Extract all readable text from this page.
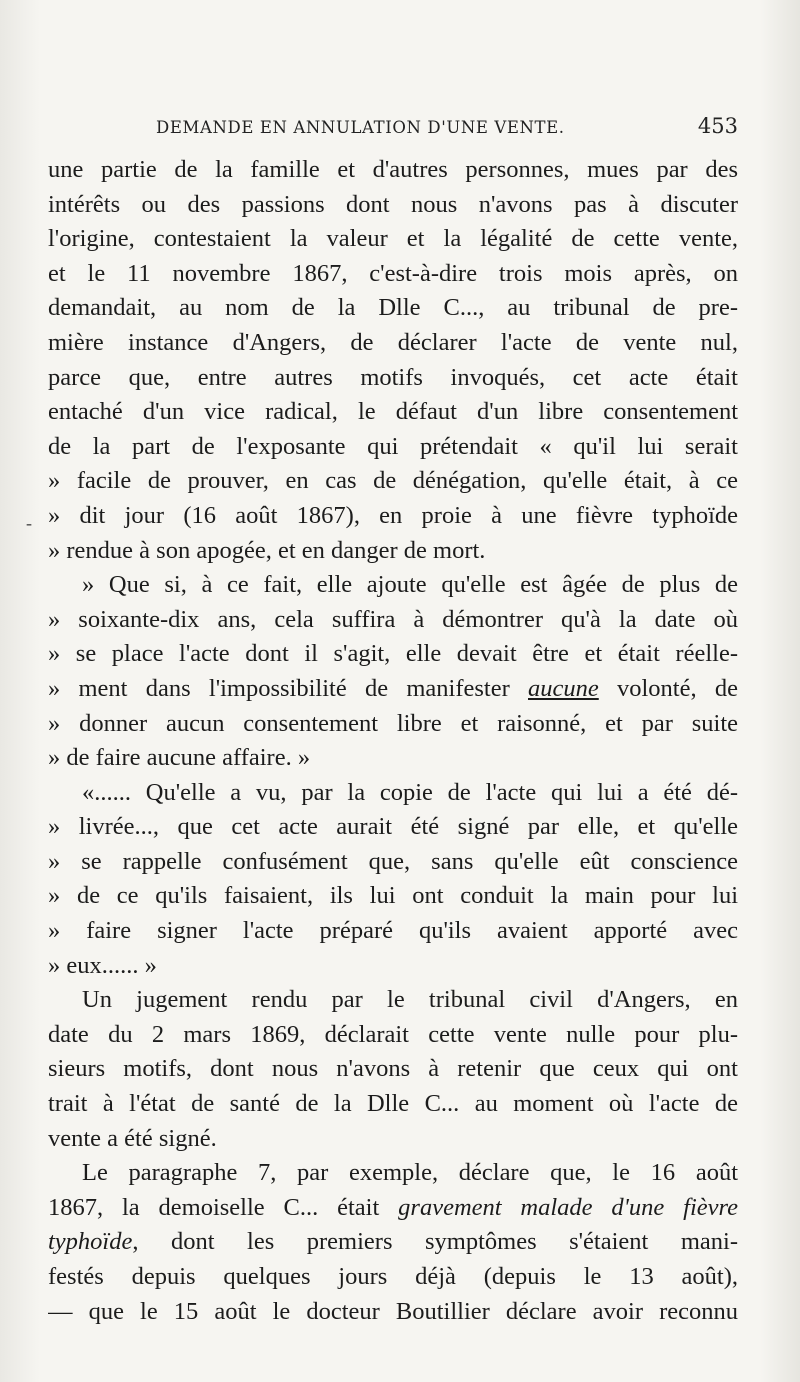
DEMANDE EN ANNULATION D'UNE VENTE.	453
-
une partie de la famille et d'autres personnes, mues par des
intérêts ou des passions dont nous n'avons pas à discuter
l'origine, contestaient la valeur et la légalité de cette vente,
et le 11 novembre 1867, c'est-à-dire trois mois après, on
demandait, au nom de la Dlle C..., au tribunal de pre-
mière instance d'Angers, de déclarer l'acte de vente nul,
parce que, entre autres motifs invoqués, cet acte était
entaché d'un vice radical, le défaut d'un libre consentement
de la part de l'exposante qui prétendait « qu'il lui serait
» facile de prouver, en cas de dénégation, qu'elle était, à ce
» dit jour (16 août 1867), en proie à une fièvre typhoïde
» rendue à son apogée, et en danger de mort.
» Que si, à ce fait, elle ajoute qu'elle est âgée de plus de
» soixante-dix ans, cela suffira à démontrer qu'à la date où
» se place l'acte dont il s'agit, elle devait être et était réelle-
» ment dans l'impossibilité de manifester aucune volonté, de
» donner aucun consentement libre et raisonné, et par suite
» de faire aucune affaire. »
«...... Qu'elle a vu, par la copie de l'acte qui lui a été dé-
» livrée..., que cet acte aurait été signé par elle, et qu'elle
» se rappelle confusément que, sans qu'elle eût conscience
» de ce qu'ils faisaient, ils lui ont conduit la main pour lui
» faire signer l'acte préparé qu'ils avaient apporté avec
» eux...... »
Un jugement rendu par le tribunal civil d'Angers, en
date du 2 mars 1869, déclarait cette vente nulle pour plu-
sieurs motifs, dont nous n'avons à retenir que ceux qui ont
trait à l'état de santé de la Dlle C... au moment où l'acte de
vente a été signé.
Le paragraphe 7, par exemple, déclare que, le 16 août
1867, la demoiselle C... était gravement malade d'une fièvre
typhoïde, dont les premiers symptômes s'étaient mani-
festés depuis quelques jours déjà (depuis le 13 août),
— que le 15 août le docteur Boutillier déclare avoir reconnu
